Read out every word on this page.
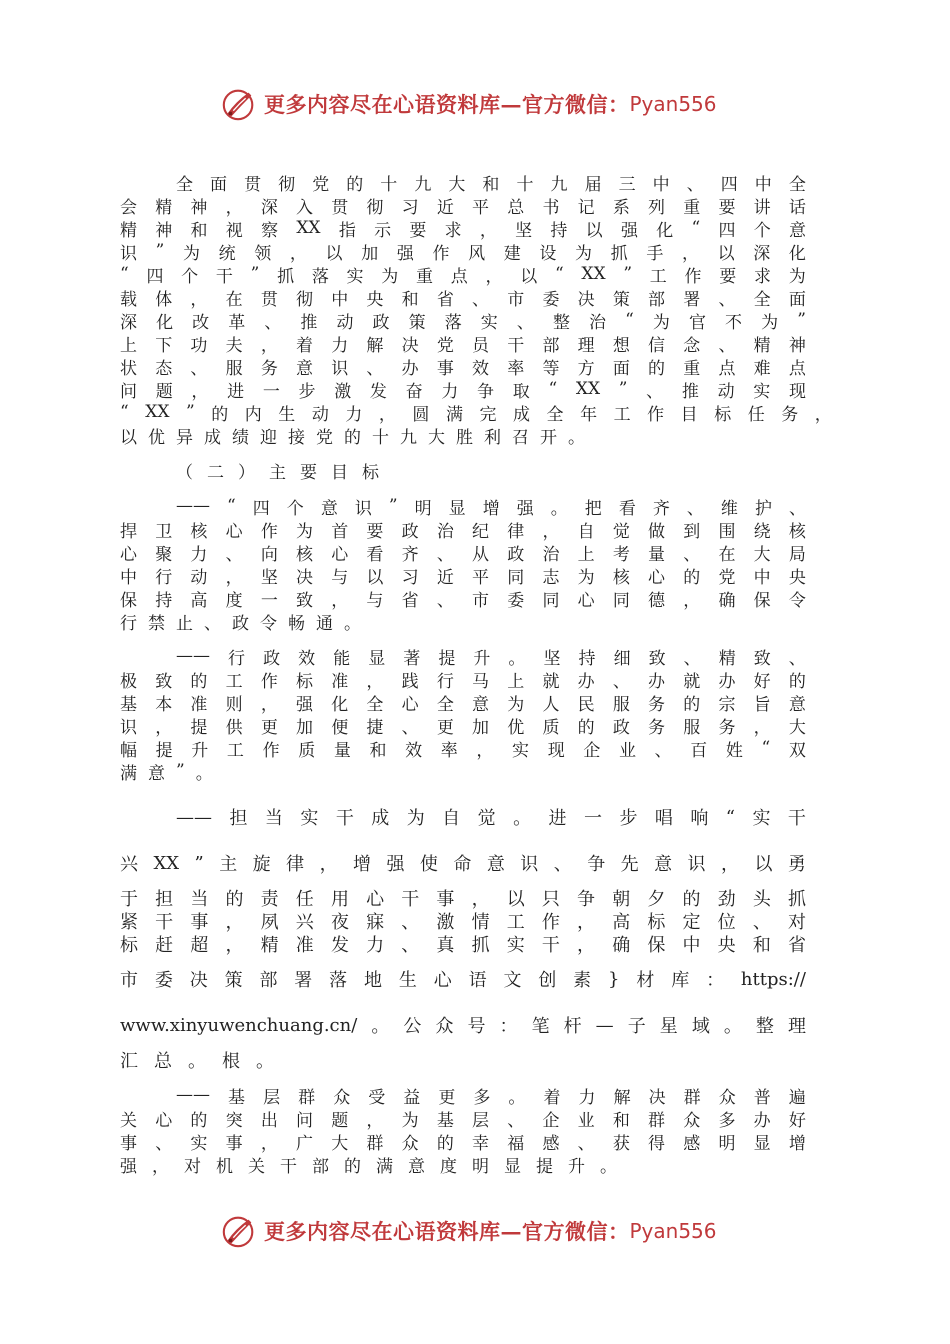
更多内容尽在心语资料库—官方微信： Pyan556
全 面 贯 彻 党 的 十 九 大 和 十 九 届 三 中 、 四 中 全
会 精 神 ， 深 入 贯 彻 习 近 平 总 书 记 系 列 重 要 讲 话
精 神 和 视 察 XX 指 示 要 求 ， 坚 持 以 强 化 “ 四 个 意
识 ” 为 统 领 ， 以 加 强 作 风 建 设 为 抓 手 ， 以 深 化
“ 四 个 干 ” 抓 落 实 为 重 点 ， 以 “ XX ” 工 作 要 求 为
载 体 ， 在 贯 彻 中 央 和 省 、 市 委 决 策 部 署 、 全 面
深 化 改 革 、 推 动 政 策 落 实 、 整 治 “ 为 官 不 为 ”
上 下 功 夫 ， 着 力 解 决 党 员 干 部 理 想 信 念 、 精 神
状 态 、 服 务 意 识 、 办 事 效 率 等 方 面 的 重 点 难 点
问 题 ， 进 一 步 激 发 奋 力 争 取 “ XX ” 、 推 动 实 现
“ XX ” 的 内 生 动 力 ， 圆 满 完 成 全 年 工 作 目 标 任 务 ，
以 优 异 成 绩 迎 接 党 的 十 九 大 胜 利 召 开 。
（ 二 ） 主 要 目 标
—— “ 四 个 意 识 ” 明 显 增 强 。 把 看 齐 、 维 护 、
捍 卫 核 心 作 为 首 要 政 治 纪 律 ， 自 觉 做 到 围 绕 核
心 聚 力 、 向 核 心 看 齐 、 从 政 治 上 考 量 、 在 大 局
中 行 动 ， 坚 决 与 以 习 近 平 同 志 为 核 心 的 党 中 央
保 持 高 度 一 致 ， 与 省 、 市 委 同 心 同 德 ， 确 保 令
行 禁 止 、 政 令 畅 通 。
—— 行 政 效 能 显 著 提 升 。 坚 持 细 致 、 精 致 、
极 致 的 工 作 标 准 ， 践 行 马 上 就 办 、 办 就 办 好 的
基 本 准 则 ， 强 化 全 心 全 意 为 人 民 服 务 的 宗 旨 意
识 ， 提 供 更 加 便 捷 、 更 加 优 质 的 政 务 服 务 ， 大
幅 提 升 工 作 质 量 和 效 率 ， 实 现 企 业 、 百 姓 “ 双
满 意 ” 。
—— 担 当 实 干 成 为 自 觉 。 进 一 步 唱 响 “ 实 干
兴 XX ” 主 旋 律 ， 增 强 使 命 意 识 、 争 先 意 识 ， 以 勇
于 担 当 的 责 任 用 心 干 事 ， 以 只 争 朝 夕 的 劲 头 抓
紧 干 事 ， 夙 兴 夜 寐 、 激 情 工 作 ， 高 标 定 位 、 对
标 赶 超 ， 精 准 发 力 、 真 抓 实 干 ， 确 保 中 央 和 省
市 委 决 策 部 署 落 地 生 心 语 文 创 素 } 材 库 ： https://
www.xinyuwenchuang.cn/ 。 公 众 号 ： 笔 杆 — 子 星 域 。 整 理
汇 总 。 根 。
—— 基 层 群 众 受 益 更 多 。 着 力 解 决 群 众 普 遍
关 心 的 突 出 问 题 ， 为 基 层 、 企 业 和 群 众 多 办 好
事 、 实 事 ， 广 大 群 众 的 幸 福 感 、 获 得 感 明 显 增
强 ， 对 机 关 干 部 的 满 意 度 明 显 提 升 。
更多内容尽在心语资料库—官方微信： Pyan556
